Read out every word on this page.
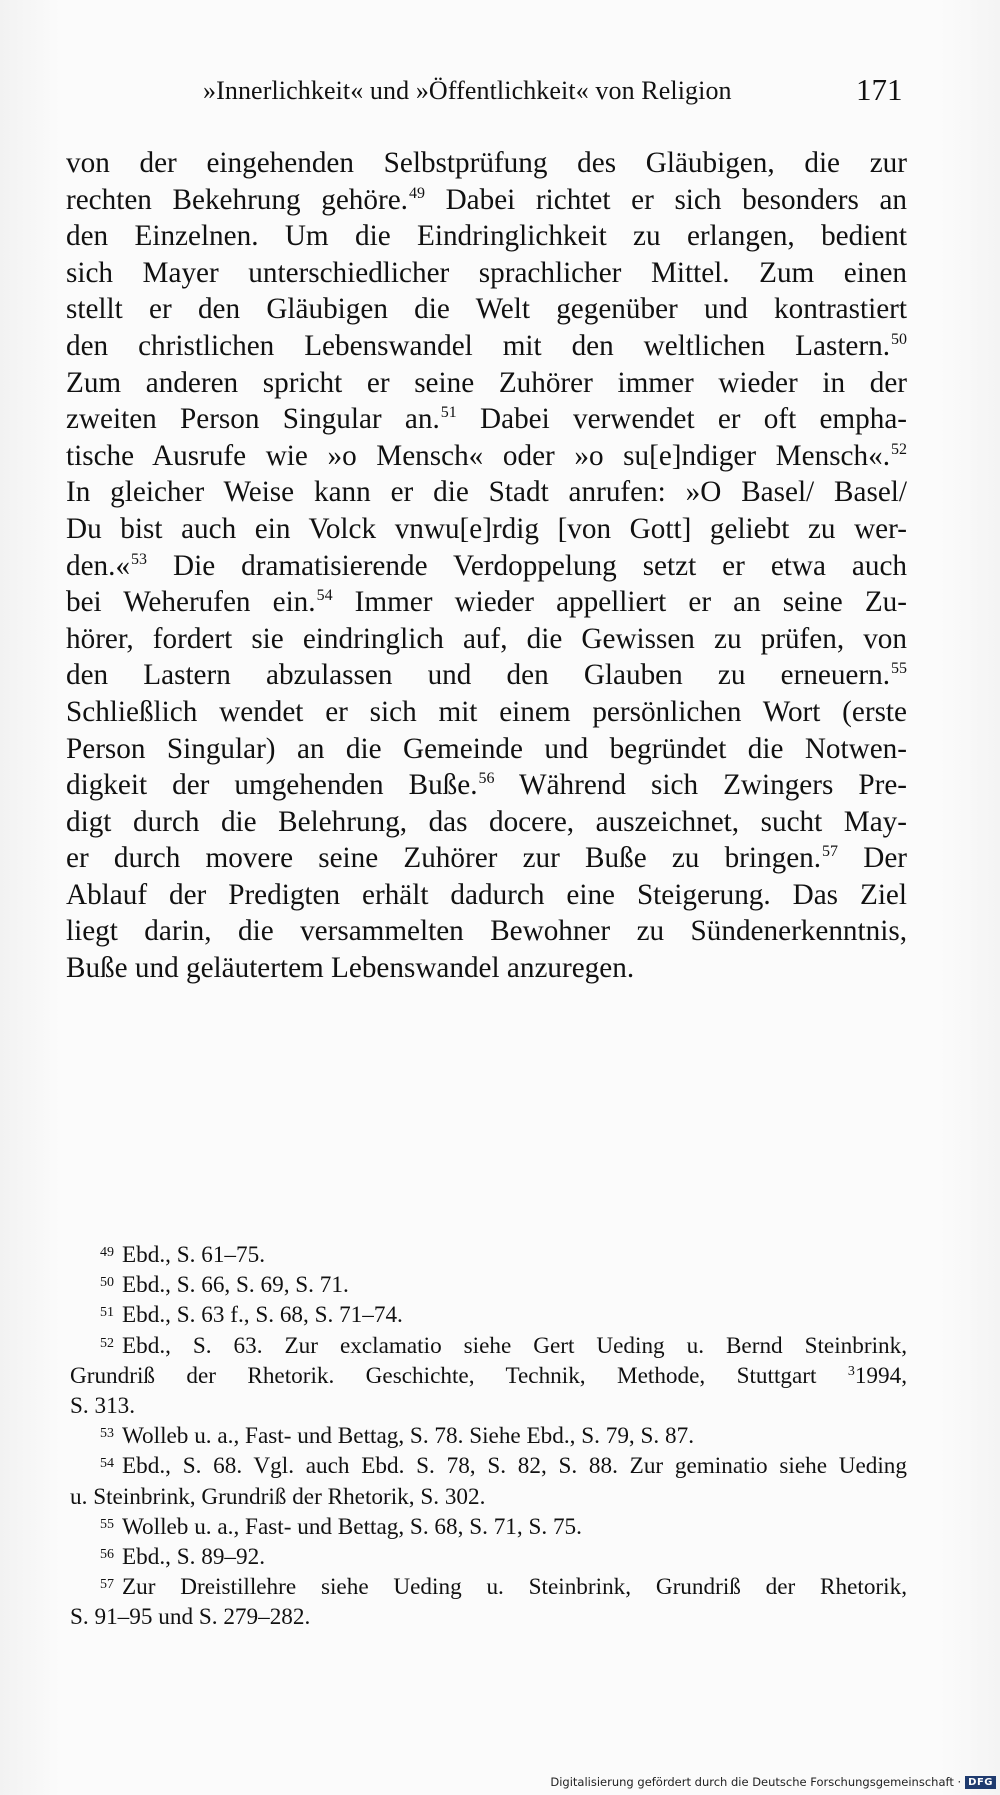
»Innerlichkeit« und »Öffentlichkeit« von Religion	171
von der eingehenden Selbstprüfung des Gläubigen, die zur
rechten Bekehrung gehöre.$^{49}$ Dabei richtet er sich besonders an
den Einzelnen. Um die Eindringlichkeit zu erlangen, bedient
sich Mayer unterschiedlicher sprachlicher Mittel. Zum einen
stellt er den Gläubigen die Welt gegenüber und kontrastiert
den christlichen Lebenswandel mit den weltlichen Lastern.$^{50}$
Zum anderen spricht er seine Zuhörer immer wieder in der
zweiten Person Singular an.$^{51}$ Dabei verwendet er oft empha-
tische Ausrufe wie »o Mensch« oder »o su[e]ndiger Mensch«.$^{52}$
In gleicher Weise kann er die Stadt anrufen: »O Basel/ Basel/
Du bist auch ein Volck vnwu[e]rdig [von Gott] geliebt zu wer-
den.«$^{53}$ Die dramatisierende Verdoppelung setzt er etwa auch
bei Weherufen ein.$^{54}$ Immer wieder appelliert er an seine Zu-
hörer, fordert sie eindringlich auf, die Gewissen zu prüfen, von
den Lastern abzulassen und den Glauben zu erneuern.$^{55}$
Schließlich wendet er sich mit einem persönlichen Wort (erste
Person Singular) an die Gemeinde und begründet die Notwen-
digkeit der umgehenden Buße.$^{56}$ Während sich Zwingers Pre-
digt durch die Belehrung, das docere, auszeichnet, sucht May-
er durch movere seine Zuhörer zur Buße zu bringen.$^{57}$ Der
Ablauf der Predigten erhält dadurch eine Steigerung. Das Ziel
liegt darin, die versammelten Bewohner zu Sündenerkenntnis,
Buße und geläutertem Lebenswandel anzuregen.
49 Ebd., S. 61–75.
50 Ebd., S. 66, S. 69, S. 71.
51 Ebd., S. 63 f., S. 68, S. 71–74.
52 Ebd., S. 63. Zur exclamatio siehe Gert Ueding u. Bernd Steinbrink,
Grundriß der Rhetorik. Geschichte, Technik, Methode, Stuttgart $^3$1994,
S. 313.
53 Wolleb u. a., Fast- und Bettag, S. 78. Siehe Ebd., S. 79, S. 87.
54 Ebd., S. 68. Vgl. auch Ebd. S. 78, S. 82, S. 88. Zur geminatio siehe Ueding
u. Steinbrink, Grundriß der Rhetorik, S. 302.
55 Wolleb u. a., Fast- und Bettag, S. 68, S. 71, S. 75.
56 Ebd., S. 89–92.
57 Zur Dreistillehre siehe Ueding u. Steinbrink, Grundriß der Rhetorik,
S. 91–95 und S. 279–282.
Digitalisierung gefördert durch die Deutsche Forschungsgemeinschaft · DFG
